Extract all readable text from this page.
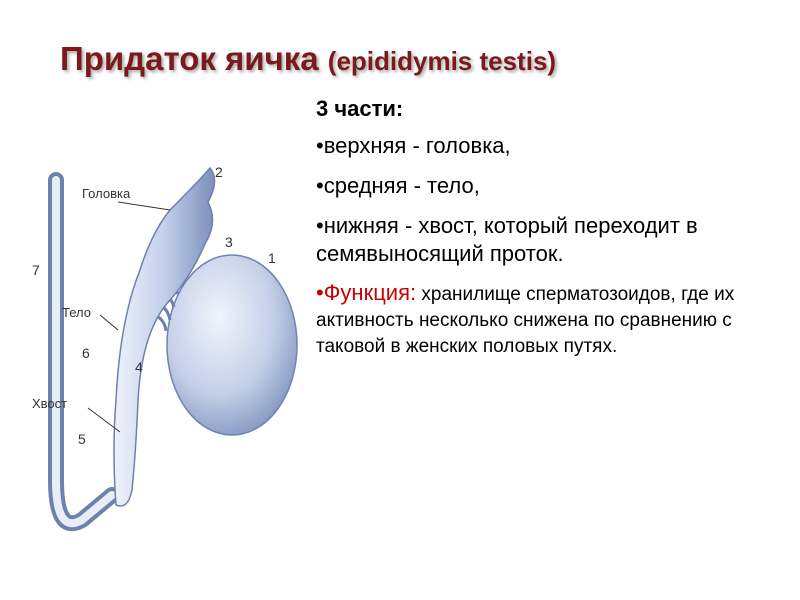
Придаток яичка (epididymis testis)
Головка
Тело
Хвост
1
2
3
4
5
6
7
3 части:
•верхняя - головка,
•средняя - тело,
•нижняя - хвост, который переходит в семявыносящий проток.
•Функция: хранилище сперматозоидов, где их активность несколько снижена по сравнению с таковой в женских половых путях.
